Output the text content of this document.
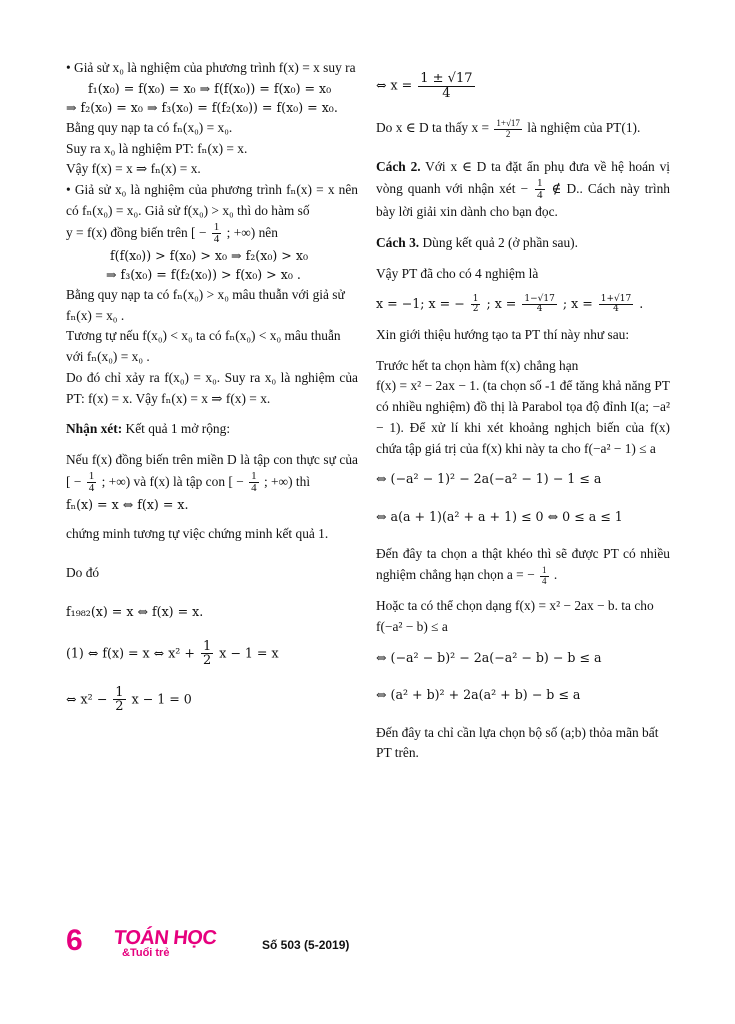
• Giả sử x₀ là nghiệm của phương trình f(x) = x suy ra

f₁(x₀) = f(x₀) = x₀ ⇒ f(f(x₀)) = f(x₀) = x₀

⇒ f₂(x₀) = x₀ ⇒ f₃(x₀) = f(f₂(x₀)) = f(x₀) = x₀.

Bằng quy nạp ta có fₙ(x₀) = x₀.

Suy ra x₀ là nghiệm PT: fₙ(x) = x.

Vậy f(x) = x ⇒ fₙ(x) = x.

• Giả sử x₀ là nghiệm của phương trình fₙ(x) = x nên có fₙ(x₀) = x₀. Giả sử f(x₀) > x₀ thì do hàm số

y = f(x) đồng biến trên [ − $\frac{1}{4}$ ; +∞) nên

f(f(x₀)) > f(x₀) > x₀ ⇒ f₂(x₀) > x₀

⇒ f₃(x₀) = f(f₂(x₀)) > f(x₀) > x₀ .

Bằng quy nạp ta có fₙ(x₀) > x₀ mâu thuẫn với giả sử fₙ(x) = x₀ .

Tương tự nếu f(x₀) < x₀ ta có fₙ(x₀) < x₀ mâu thuẫn với fₙ(x₀) = x₀ .

Do đó chỉ xảy ra f(x₀) = x₀. Suy ra x₀ là nghiệm của PT: f(x) = x. Vậy fₙ(x) = x ⇒ f(x) = x.

Nhận xét: Kết quả 1 mở rộng:

Nếu f(x) đồng biến trên miền D là tập con thực sự của [ − $\frac{1}{4}$ ; +∞) và f(x) là tập con [ − $\frac{1}{4}$ ; +∞) thì

fₙ(x) = x ⇔ f(x) = x.

chứng minh tương tự việc chứng minh kết quả 1.

Do đó

f₁₉₈₂(x) = x ⇔ f(x) = x.

(1) ⇔ f(x) = x ⇔ $x^2 + \frac{1}{2}$ x − 1 = x

⇔ $x^2 - \frac{1}{2}$ x − 1 = 0

⇔ $x = \frac{1 \pm √17}{4}$

Do x ∈ D ta thấy $x = \frac{1+√17}{2}$ là nghiệm của PT(1).

Cách 2. Với x ∈ D ta đặt ẩn phụ đưa về hệ hoán vị vòng quanh với nhận xét − $\frac{1}{4}$ ∉ D.. Cách này trình bày lời giải xin dành cho bạn đọc.

Cách 3. Dùng kết quả 2 (ở phần sau).

Vậy PT đã cho có 4 nghiệm là

x = −1; x = − $\frac{1}{2}$ ; $x = \frac{1-√17}{4}$ ; $x = \frac{1+√17}{4}$ .

Xin giới thiệu hướng tạo ta PT thí này như sau:

Trước hết ta chọn hàm f(x) chẳng hạn

f(x) = x² − 2ax − 1. (ta chọn số -1 để tăng khả năng PT có nhiều nghiệm) đồ thị là Parabol tọa độ đỉnh I(a; −a² − 1). Để xử lí khi xét khoảng nghịch biến của f(x) chứa tập giá trị của f(x) khi này ta cho f(−a² − 1) ≤ a

⇔ (−a² − 1)² − 2a(−a² − 1) − 1 ≤ a

⇔ a(a + 1)(a² + a + 1) ≤ 0 ⇔ 0 ≤ a ≤ 1

Đến đây ta chọn a thật khéo thì sẽ được PT có nhiều nghiệm chẳng hạn chọn a = − $\frac{1}{4}$ .

Hoặc ta có thể chọn dạng f(x) = x² − 2ax − b. ta cho f(−a² − b) ≤ a

⇔ (−a² − b)² − 2a(−a² − b) − b ≤ a

⇔ (a² + b)² + 2a(a² + b) − b ≤ a

Đến đây ta chỉ cần lựa chọn bộ số (a;b) thỏa mãn bất PT trên.

6 TOÁN HỌC
&Tuổi trẻ
Số 503 (5-2019)
